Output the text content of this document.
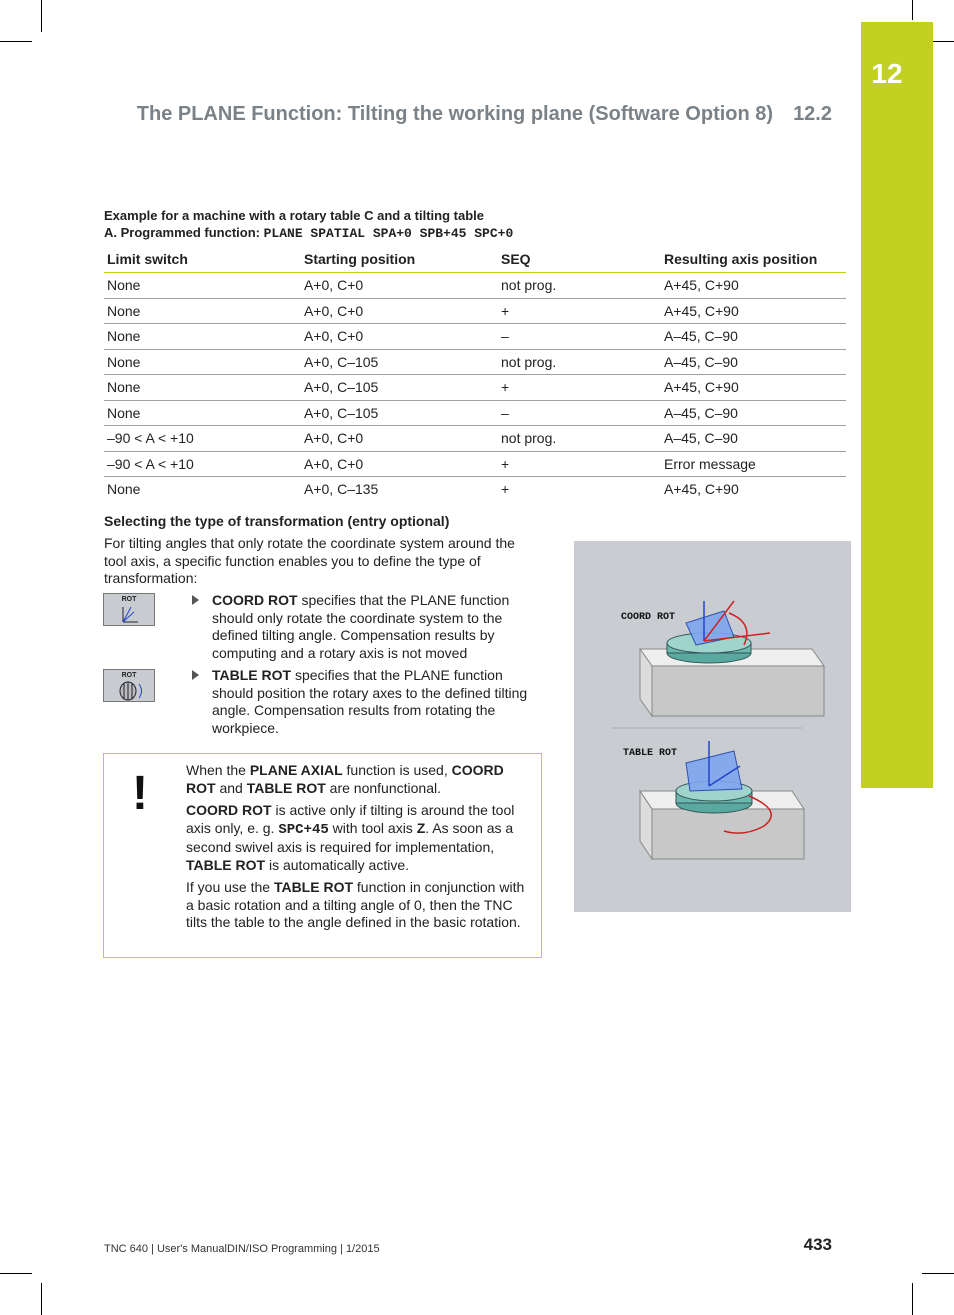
12
The PLANE Function: Tilting the working plane (Software Option 8) 12.2
Example for a machine with a rotary table C and a tilting table
A. Programmed function: PLANE SPATIAL SPA+0 SPB+45 SPC+0
Limit switch	Starting position	SEQ	Resulting axis position
None	A+0, C+0	not prog.	A+45, C+90
None	A+0, C+0	+	A+45, C+90
None	A+0, C+0	–	A–45, C–90
None	A+0, C–105	not prog.	A–45, C–90
None	A+0, C–105	+	A+45, C+90
None	A+0, C–105	–	A–45, C–90
–90 < A < +10	A+0, C+0	not prog.	A–45, C–90
–90 < A < +10	A+0, C+0	+	Error message
None	A+0, C–135	+	A+45, C+90
Selecting the type of transformation (entry optional)
For tilting angles that only rotate the coordinate system around the tool axis, a specific function enables you to define the type of transformation:
ROT	COORD ROT specifies that the PLANE function should only rotate the coordinate system to the defined tilting angle. Compensation results by computing and a rotary axis is not moved
ROT	TABLE ROT specifies that the PLANE function should position the rotary axes to the defined tilting angle. Compensation results from rotating the workpiece.
!	When the PLANE AXIAL function is used, COORD ROT and TABLE ROT are nonfunctional.

COORD ROT is active only if tilting is around the tool axis only, e. g. SPC+45 with tool axis Z. As soon as a second swivel axis is required for implementation, TABLE ROT is automatically active.

If you use the TABLE ROT function in conjunction with a basic rotation and a tilting angle of 0, then the TNC tilts the table to the angle defined in the basic rotation.

COORD ROT
TABLE ROT
TNC 640 | User's ManualDIN/ISO Programming | 1/2015	433
